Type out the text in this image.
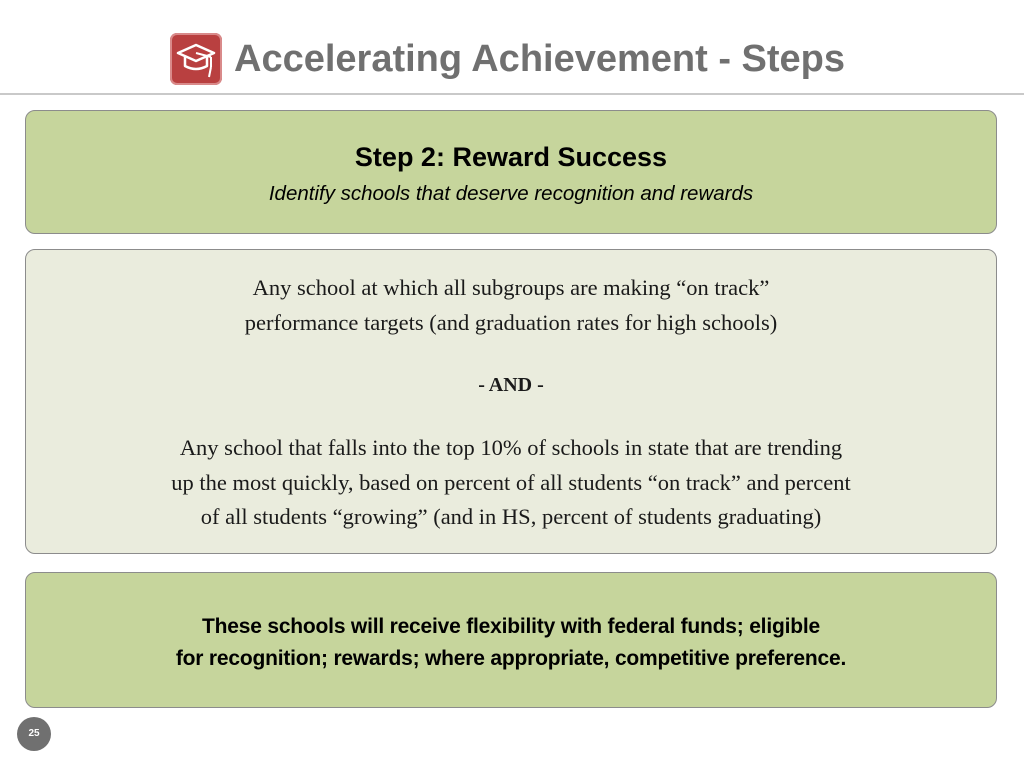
Accelerating Achievement - Steps
Step 2: Reward Success
Identify schools that deserve recognition and rewards
Any school at which all subgroups are making “on track”
performance targets (and graduation rates for high schools)
- AND -
Any school that falls into the top 10% of schools in state that are trending
up the most quickly, based on percent of all students “on track” and percent
of all students “growing” (and in HS, percent of students graduating)
These schools will receive flexibility with federal funds; eligible
for recognition; rewards; where appropriate, competitive preference.
25
